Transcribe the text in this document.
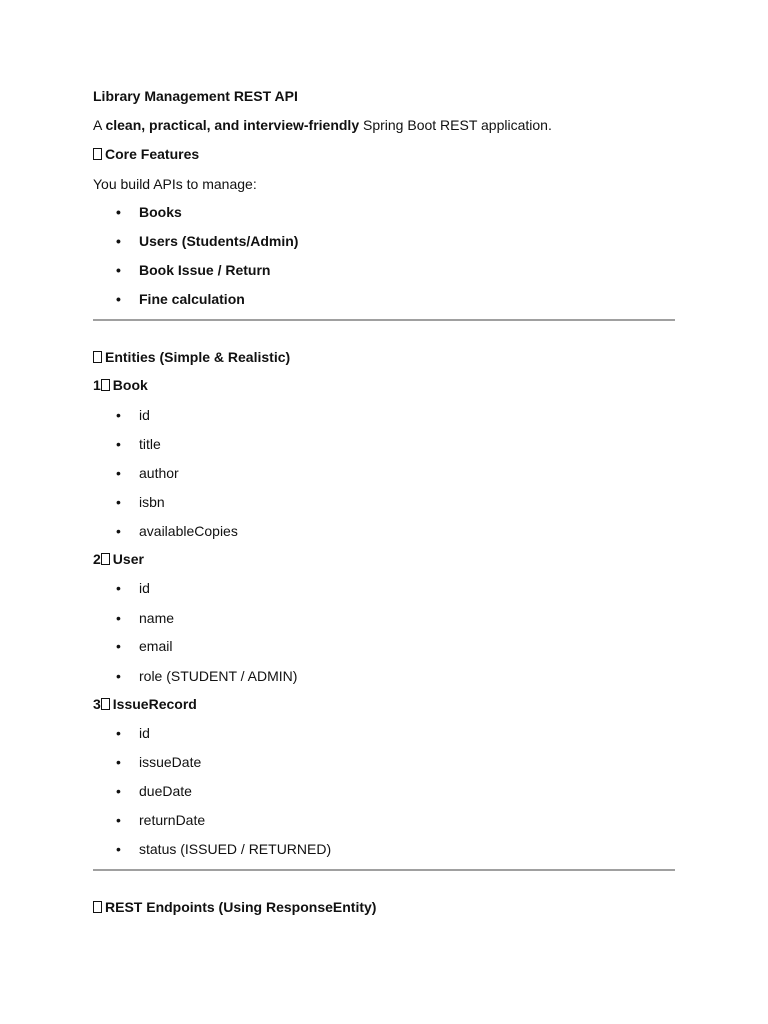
Library Management REST API
A clean, practical, and interview-friendly Spring Boot REST application.
Core Features
You build APIs to manage:
• Books
• Users (Students/Admin)
• Book Issue / Return
• Fine calculation
Entities (Simple & Realistic)
1 Book
• id
• title
• author
• isbn
• availableCopies
2 User
• id
• name
• email
• role (STUDENT / ADMIN)
3 IssueRecord
• id
• issueDate
• dueDate
• returnDate
• status (ISSUED / RETURNED)
REST Endpoints (Using ResponseEntity)
